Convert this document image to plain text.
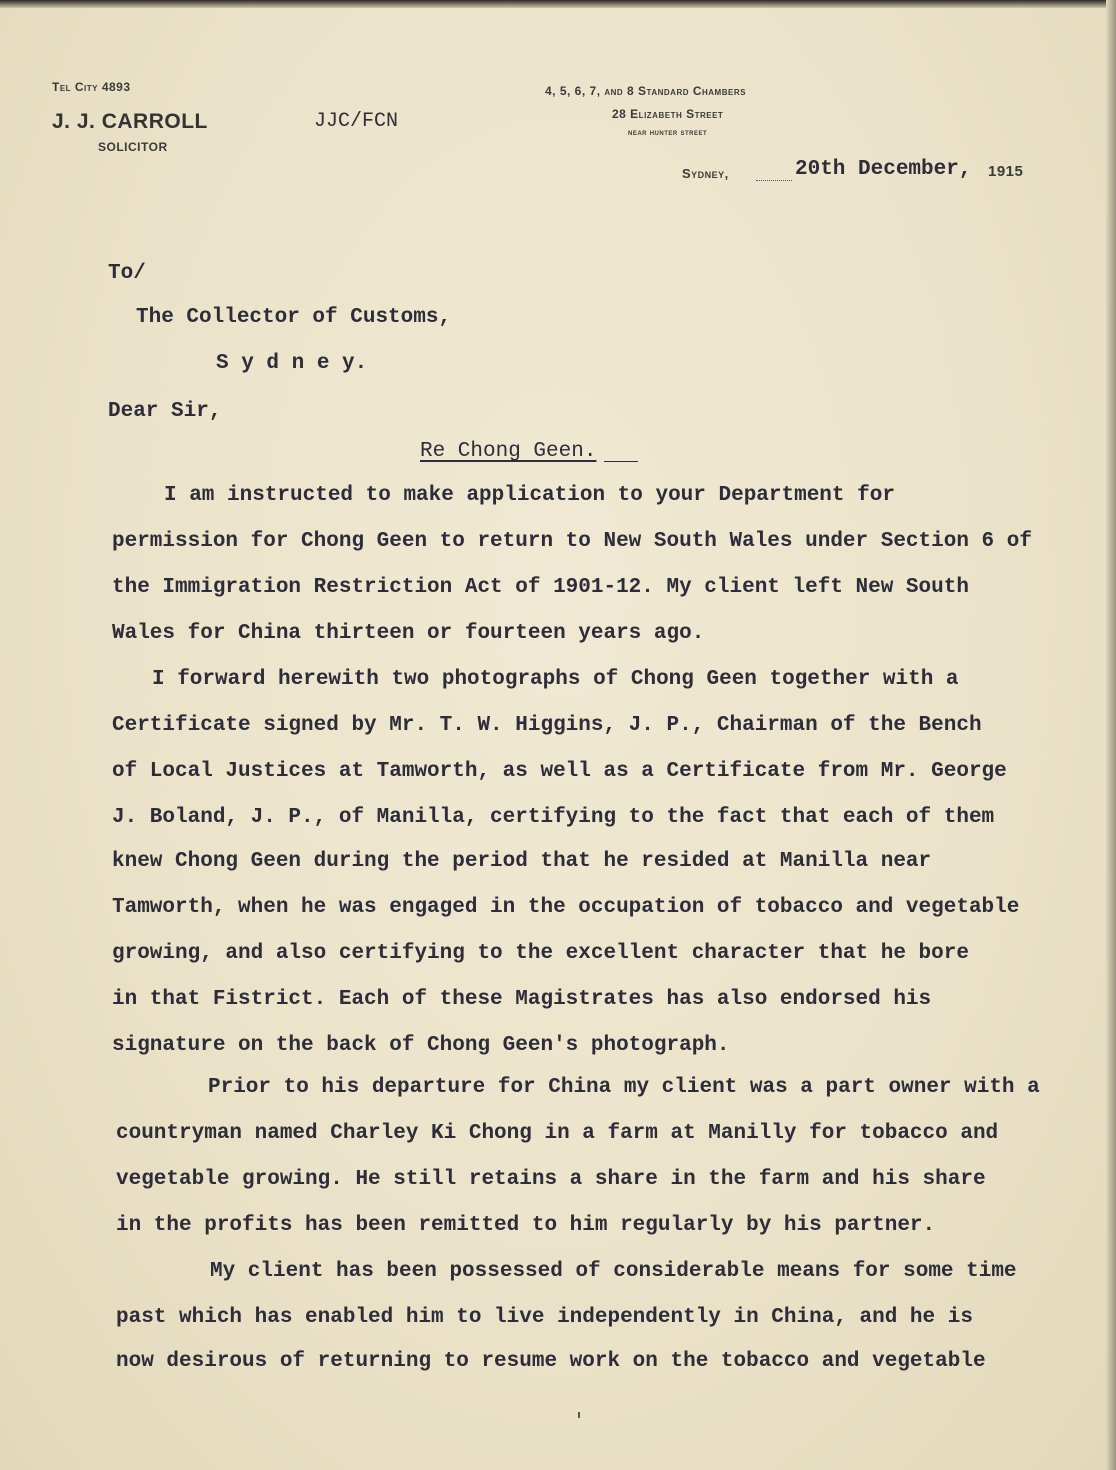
Tel City 4893
J. J. CARROLL
SOLICITOR
JJC/FCN
4, 5, 6, 7, and 8 Standard Chambers
28 Elizabeth Street
near hunter street
Sydney,	20th December, 1915
To/
The Collector of Customs,
S y d n e y.
Dear Sir,
Re Chong Geen.
I am instructed to make application to your Department for
permission for Chong Geen to return to New South Wales under Section 6 of
the Immigration Restriction Act of 1901-12. My client left New South
Wales for China thirteen or fourteen years ago.
I forward herewith two photographs of Chong Geen together with a
Certificate signed by Mr. T. W. Higgins, J. P., Chairman of the Bench
of Local Justices at Tamworth, as well as a Certificate from Mr. George
J. Boland, J. P., of Manilla, certifying to the fact that each of them
knew Chong Geen during the period that he resided at Manilla near
Tamworth, when he was engaged in the occupation of tobacco and vegetable
growing, and also certifying to the excellent character that he bore
in that Fistrict. Each of these Magistrates has also endorsed his
signature on the back of Chong Geen's photograph.
Prior to his departure for China my client was a part owner with a
countryman named Charley Ki Chong in a farm at Manilly for tobacco and
vegetable growing. He still retains a share in the farm and his share
in the profits has been remitted to him regularly by his partner.
My client has been possessed of considerable means for some time
past which has enabled him to live independently in China, and he is
now desirous of returning to resume work on the tobacco and vegetable
